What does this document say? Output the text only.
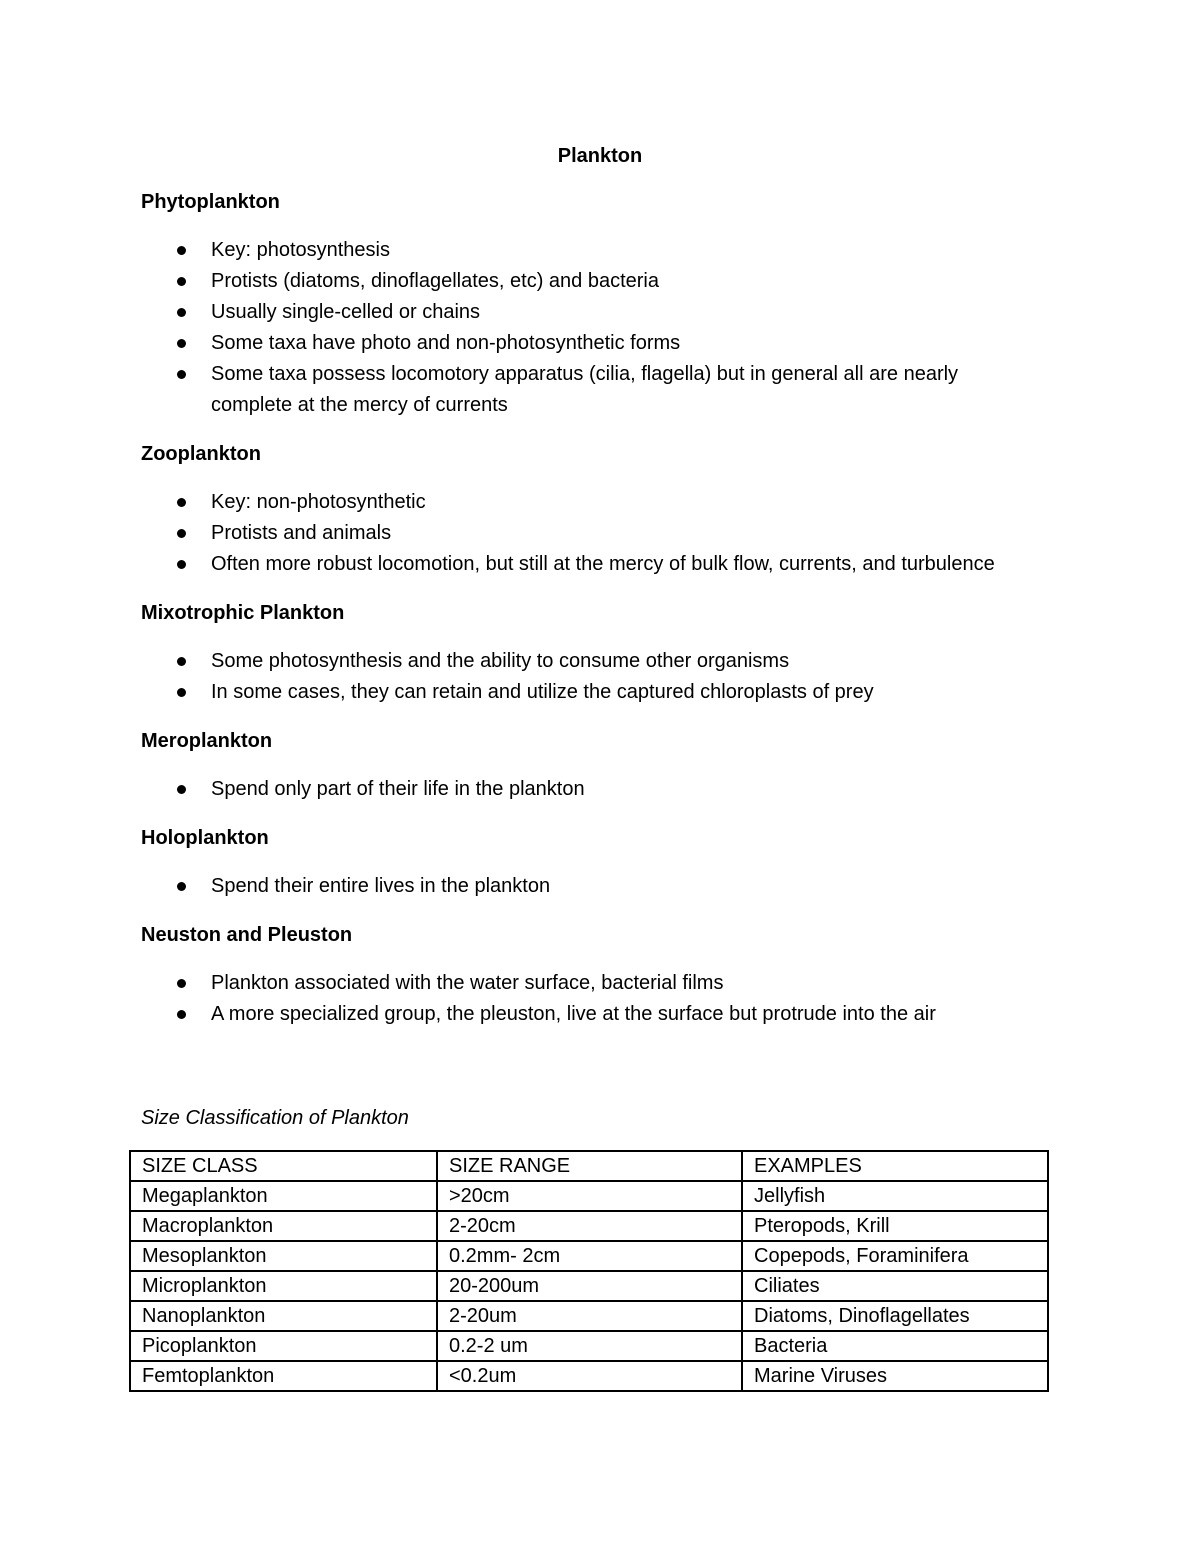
Plankton
Phytoplankton
Key: photosynthesis
Protists (diatoms, dinoflagellates, etc) and bacteria
Usually single-celled or chains
Some taxa have photo and non-photosynthetic forms
Some taxa possess locomotory apparatus (cilia, flagella) but in general all are nearly complete at the mercy of currents
Zooplankton
Key: non-photosynthetic
Protists and animals
Often more robust locomotion, but still at the mercy of bulk flow, currents, and turbulence
Mixotrophic Plankton
Some photosynthesis and the ability to consume other organisms
In some cases, they can retain and utilize the captured chloroplasts of prey
Meroplankton
Spend only part of their life in the plankton
Holoplankton
Spend their entire lives in the plankton
Neuston and Pleuston
Plankton associated with the water surface, bacterial films
A more specialized group, the pleuston, live at the surface but protrude into the air
Size Classification of Plankton
SIZE CLASS	SIZE RANGE	EXAMPLES
Megaplankton	>20cm	Jellyfish
Macroplankton	2-20cm	Pteropods, Krill
Mesoplankton	0.2mm- 2cm	Copepods, Foraminifera
Microplankton	20-200um	Ciliates
Nanoplankton	2-20um	Diatoms, Dinoflagellates
Picoplankton	0.2-2 um	Bacteria
Femtoplankton	<0.2um	Marine Viruses
